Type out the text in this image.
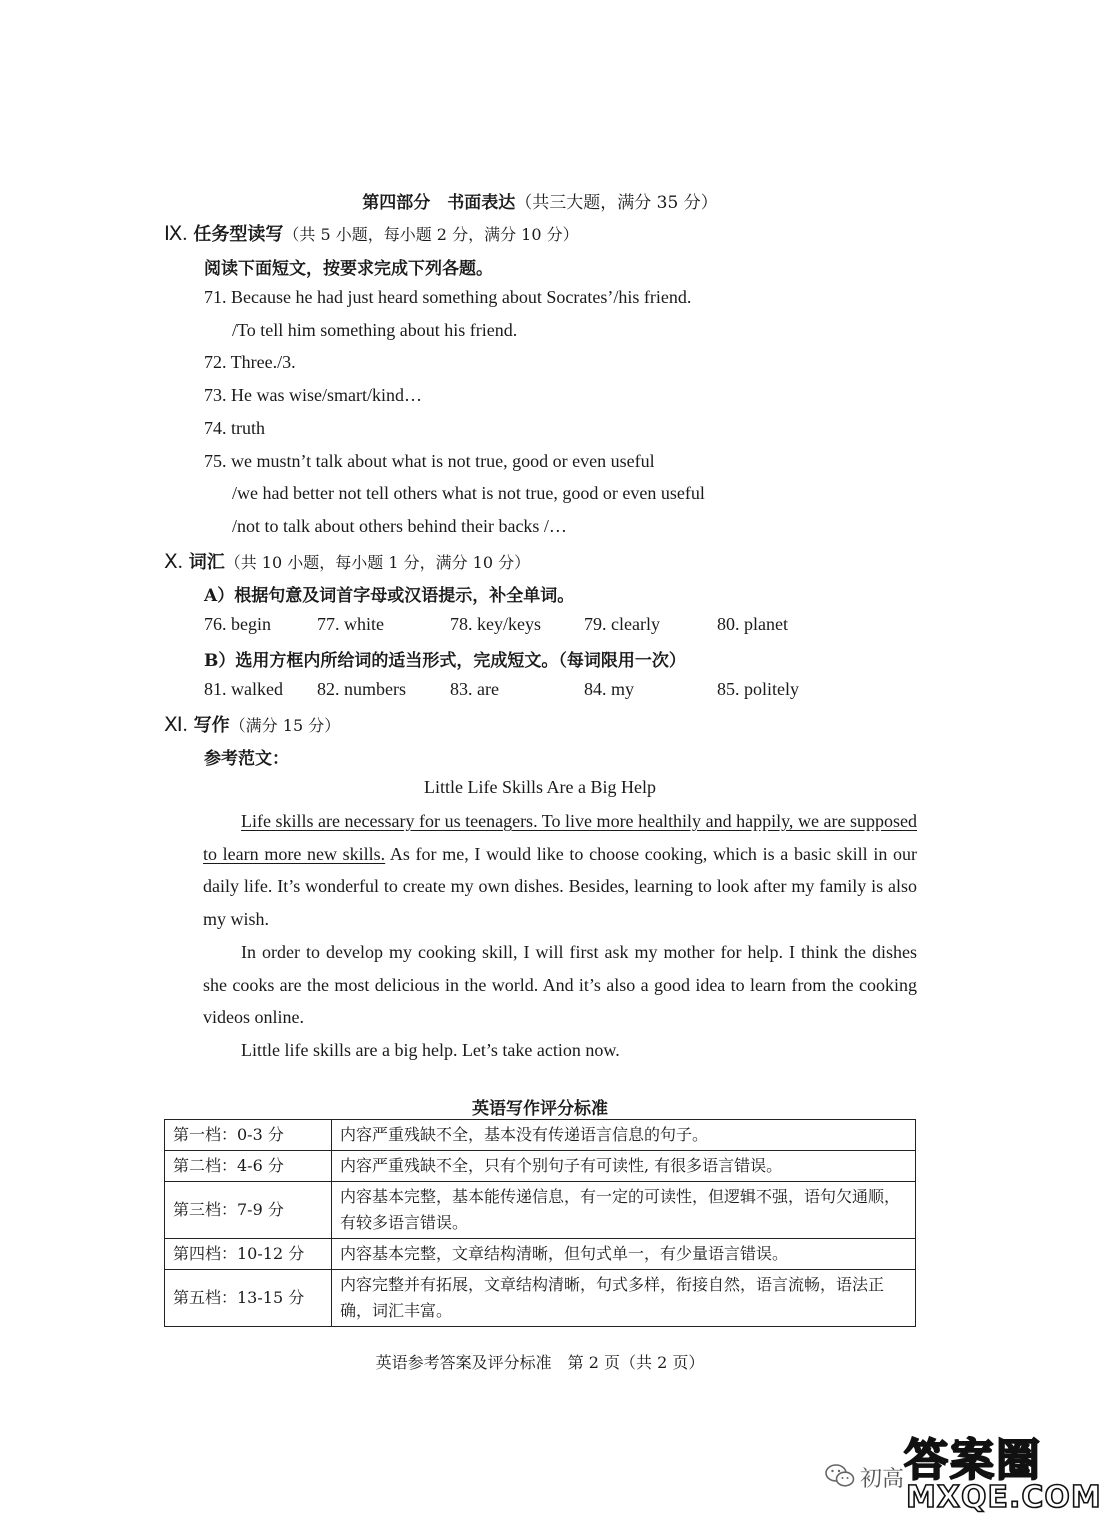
第四部分　书面表达（共三大题，满分 35 分）
Ⅸ. 任务型读写（共 5 小题，每小题 2 分，满分 10 分）
阅读下面短文，按要求完成下列各题。
71. Because he had just heard something about Socrates’/his friend.
/To tell him something about his friend.
72. Three./3.
73. He was wise/smart/kind…
74. truth
75. we mustn’t talk about what is not true, good or even useful
/we had better not tell others what is not true, good or even useful
/not to talk about others behind their backs /…
Ⅹ. 词汇（共 10 小题，每小题 1 分，满分 10 分）
A）根据句意及词首字母或汉语提示，补全单词。
76. begin	77. white	78. key/keys 79. clearly	80. planet
B）选用方框内所给词的适当形式，完成短文。（每词限用一次）
81. walked 82. numbers 83. are	84. my	85. politely
Ⅺ. 写作（满分 15 分）
参考范文：
Little Life Skills Are a Big Help
Life skills are necessary for us teenagers. To live more healthily and happily, we are supposed to learn more new skills. As for me, I would like to choose cooking, which is a basic skill in our daily life. It’s wonderful to create my own dishes. Besides, learning to look after my family is also my wish.
In order to develop my cooking skill, I will first ask my mother for help. I think the dishes she cooks are the most delicious in the world. And it’s also a good idea to learn from the cooking videos online.
Little life skills are a big help. Let’s take action now.
英语写作评分标准
第一档：0-3 分	内容严重残缺不全，基本没有传递语言信息的句子。
第二档：4-6 分	内容严重残缺不全，只有个别句子有可读性, 有很多语言错误。
第三档：7-9 分	内容基本完整，基本能传递信息，有一定的可读性，但逻辑不强，语句欠通顺，有较多语言错误。
第四档：10-12 分	内容基本完整，文章结构清晰，但句式单一，有少量语言错误。
第五档：13-15 分	内容完整并有拓展，文章结构清晰，句式多样，衔接自然，语言流畅，语法正确，词汇丰富。
英语参考答案及评分标准　第 2 页（共 2 页）
初高 答案圈
MXQE.COM
